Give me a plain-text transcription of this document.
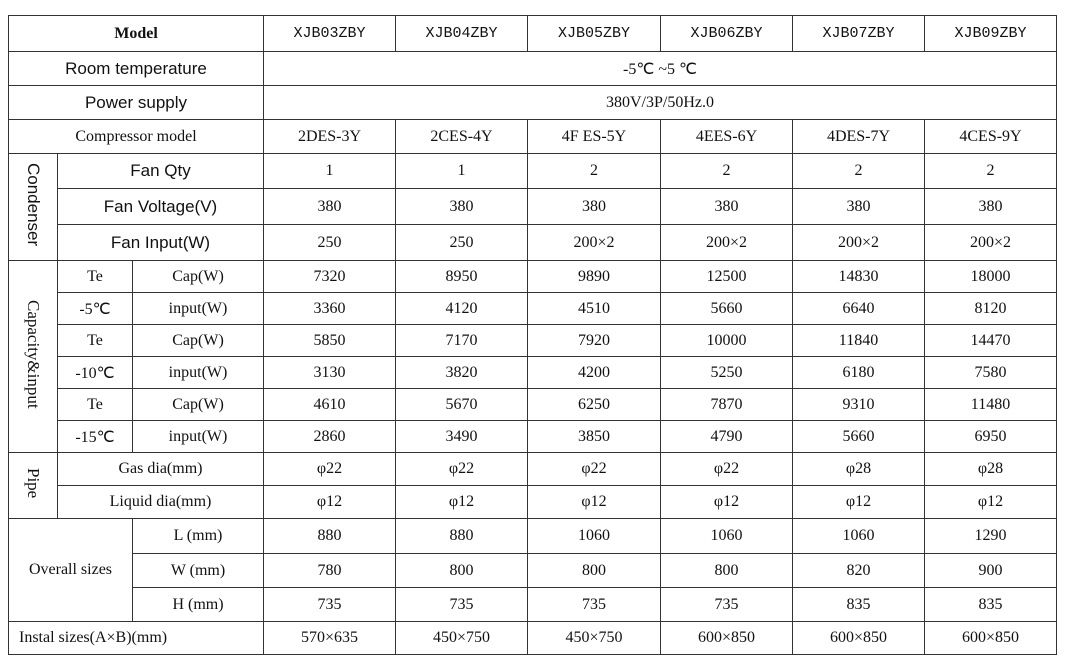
Model			XJB03ZBY	XJB04ZBY	XJB05ZBY	XJB06ZBY	XJB07ZBY	XJB09ZBY
Room temperature			-5℃ ~5 ℃					
Power supply			380V/3P/50Hz.0					
Compressor model			2DES-3Y	2CES-4Y	4F ES-5Y	4EES-6Y	4DES-7Y	4CES-9Y
Condenser	Fan Qty		1	1	2	2	2	2
	Fan Voltage(V)		380	380	380	380	380	380
	Fan Input(W)		250	250	200×2	200×2	200×2	200×2
Capacity&input	Te	Cap(W)	7320	8950	9890	12500	14830	18000
	-5℃	input(W)	3360	4120	4510	5660	6640	8120
	Te	Cap(W)	5850	7170	7920	10000	11840	14470
	-10℃	input(W)	3130	3820	4200	5250	6180	7580
	Te	Cap(W)	4610	5670	6250	7870	9310	11480
	-15℃	input(W)	2860	3490	3850	4790	5660	6950
Pipe	Gas dia(mm)		φ22	φ22	φ22	φ22	φ28	φ28
	Liquid dia(mm)		φ12	φ12	φ12	φ12	φ12	φ12
Overall sizes		L (mm)	880	880	1060	1060	1060	1290
		W (mm)	780	800	800	800	820	900
		H (mm)	735	735	735	735	835	835
Instal sizes(A×B)(mm)			570×635	450×750	450×750	600×850	600×850	600×850
